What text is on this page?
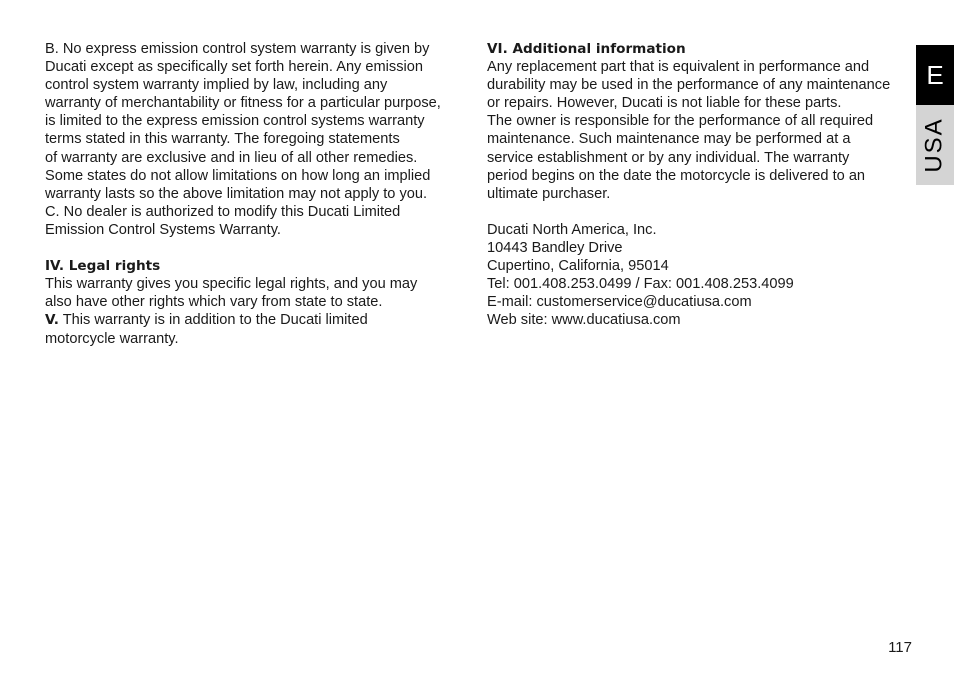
B. No express emission control system warranty is given by
Ducati except as specifically set forth herein. Any emission
control system warranty implied by law, including any
warranty of merchantability or fitness for a particular purpose,
is limited to the express emission control systems warranty
terms stated in this warranty. The foregoing statements
of warranty are exclusive and in lieu of all other remedies.
Some states do not allow limitations on how long an implied
warranty lasts so the above limitation may not apply to you.
C. No dealer is authorized to modify this Ducati Limited
Emission Control Systems Warranty.
IV. Legal rights
This warranty gives you specific legal rights, and you may
also have other rights which vary from state to state.
V. This warranty is in addition to the Ducati limited
motorcycle warranty.
VI. Additional information
Any replacement part that is equivalent in performance and
durability may be used in the performance of any maintenance
or repairs. However, Ducati is not liable for these parts.
The owner is responsible for the performance of all required
maintenance. Such maintenance may be performed at a
service establishment or by any individual. The warranty
period begins on the date the motorcycle is delivered to an
ultimate purchaser.
Ducati North America, Inc.
10443 Bandley Drive
Cupertino, California, 95014
Tel: 001.408.253.0499 / Fax: 001.408.253.4099
E-mail: customerservice@ducatiusa.com
Web site: www.ducatiusa.com
E
USA
117
